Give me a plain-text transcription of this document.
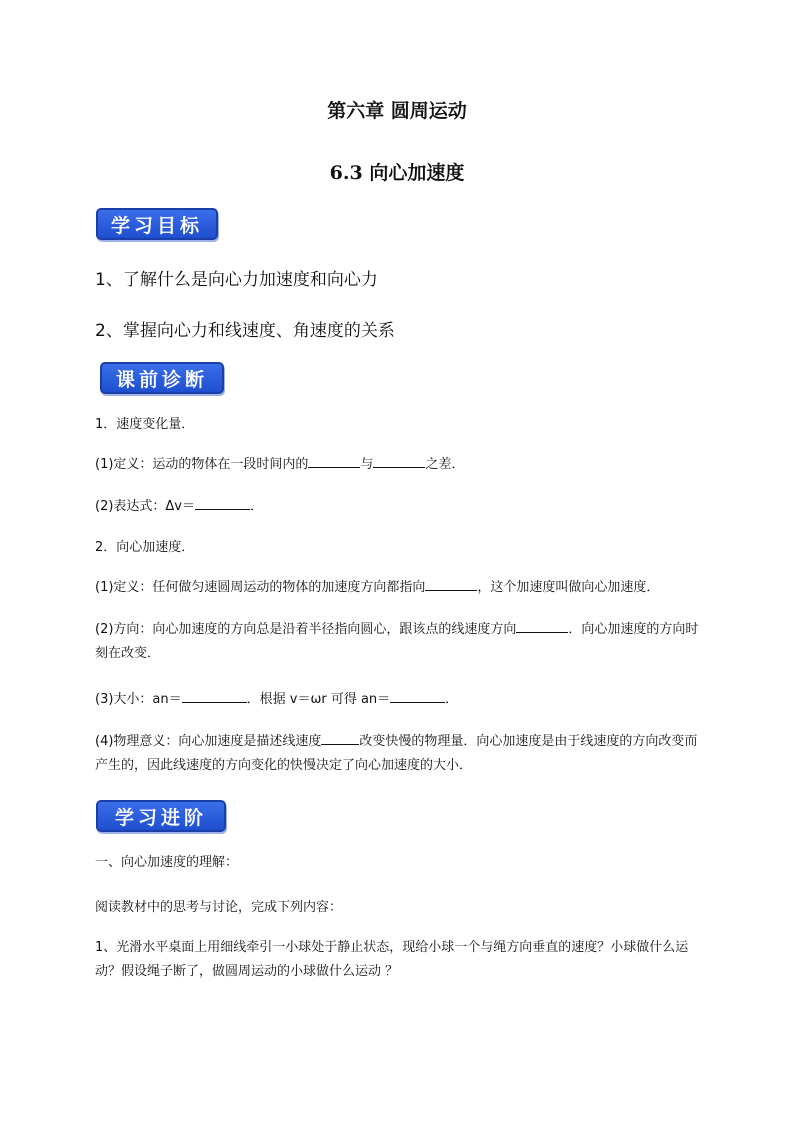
第六章 圆周运动
6.3 向心加速度
学习目标
1、了解什么是向心力加速度和向心力
2、掌握向心力和线速度、角速度的关系
课前诊断
1．速度变化量．
(1)定义：运动的物体在一段时间内的	与	之差．
(2)表达式：Δv＝	．
2．向心加速度．
(1)定义：任何做匀速圆周运动的物体的加速度方向都指向	，这个加速度叫做向心加速度．
(2)方向：向心加速度的方向总是沿着半径指向圆心，跟该点的线速度方向	．向心加速度的方向时刻在改变．
(3)大小：an＝	．根据 v＝ωr 可得 an＝	．
(4)物理意义：向心加速度是描述线速度	改变快慢的物理量．向心加速度是由于线速度的方向改变而产生的，因此线速度的方向变化的快慢决定了向心加速度的大小．
学习进阶
一、向心加速度的理解：
阅读教材中的思考与讨论，完成下列内容：
1、光滑水平桌面上用细线牵引一小球处于静止状态，现给小球一个与绳方向垂直的速度？小球做什么运动？假设绳子断了，做圆周运动的小球做什么运动 ？
